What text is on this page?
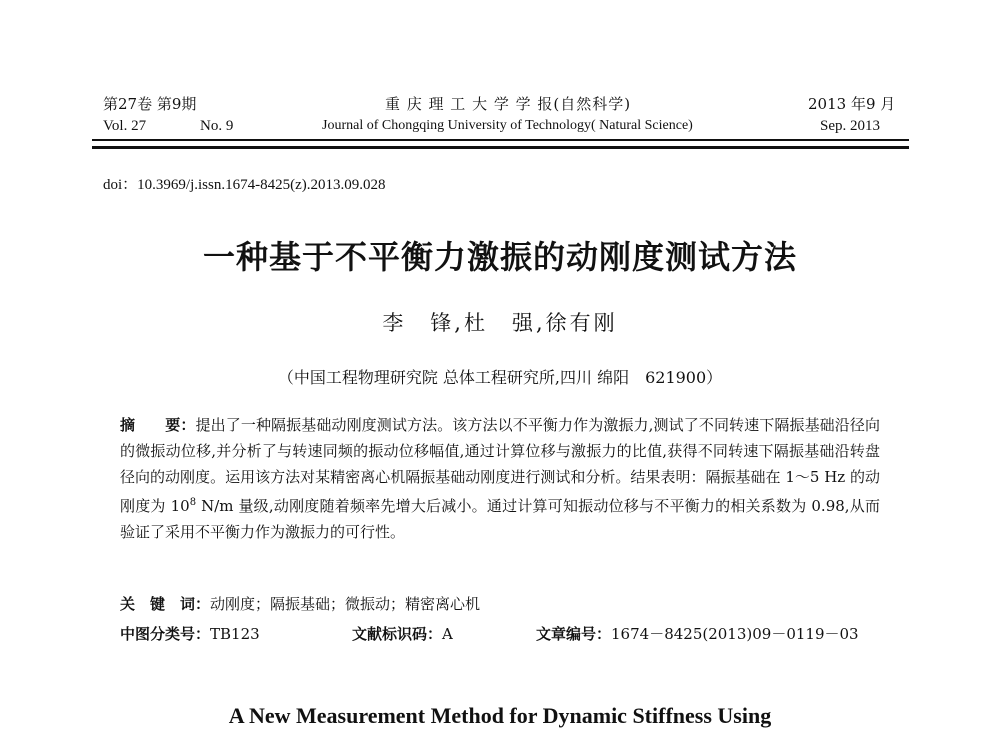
第27卷 第9期	重 庆 理 工 大 学 学 报(自然科学)	2013 年9 月
Vol. 27	No. 9	Journal of Chongqing University of Technology( Natural Science)	Sep. 2013
doi：10.3969/j.issn.1674-8425(z).2013.09.028
一种基于不平衡力激振的动刚度测试方法
李　锋,杜　强,徐有刚
（中国工程物理研究院 总体工程研究所,四川 绵阳　621900）
摘　　要：提出了一种隔振基础动刚度测试方法。该方法以不平衡力作为激振力,测试了不同转速下隔振基础沿径向的微振动位移,并分析了与转速同频的振动位移幅值,通过计算位移与激振力的比值,获得不同转速下隔振基础沿转盘径向的动刚度。运用该方法对某精密离心机隔振基础动刚度进行测试和分析。结果表明：隔振基础在 1～5 Hz 的动刚度为 $10^8$ N/m 量级,动刚度随着频率先增大后减小。通过计算可知振动位移与不平衡力的相关系数为 0.98,从而验证了采用不平衡力作为激振力的可行性。
关　键　词：动刚度；隔振基础；微振动；精密离心机
中图分类号：TB123	文献标识码：A	文章编号：1674－8425(2013)09－0119－03
A New Measurement Method for Dynamic Stiffness Using
